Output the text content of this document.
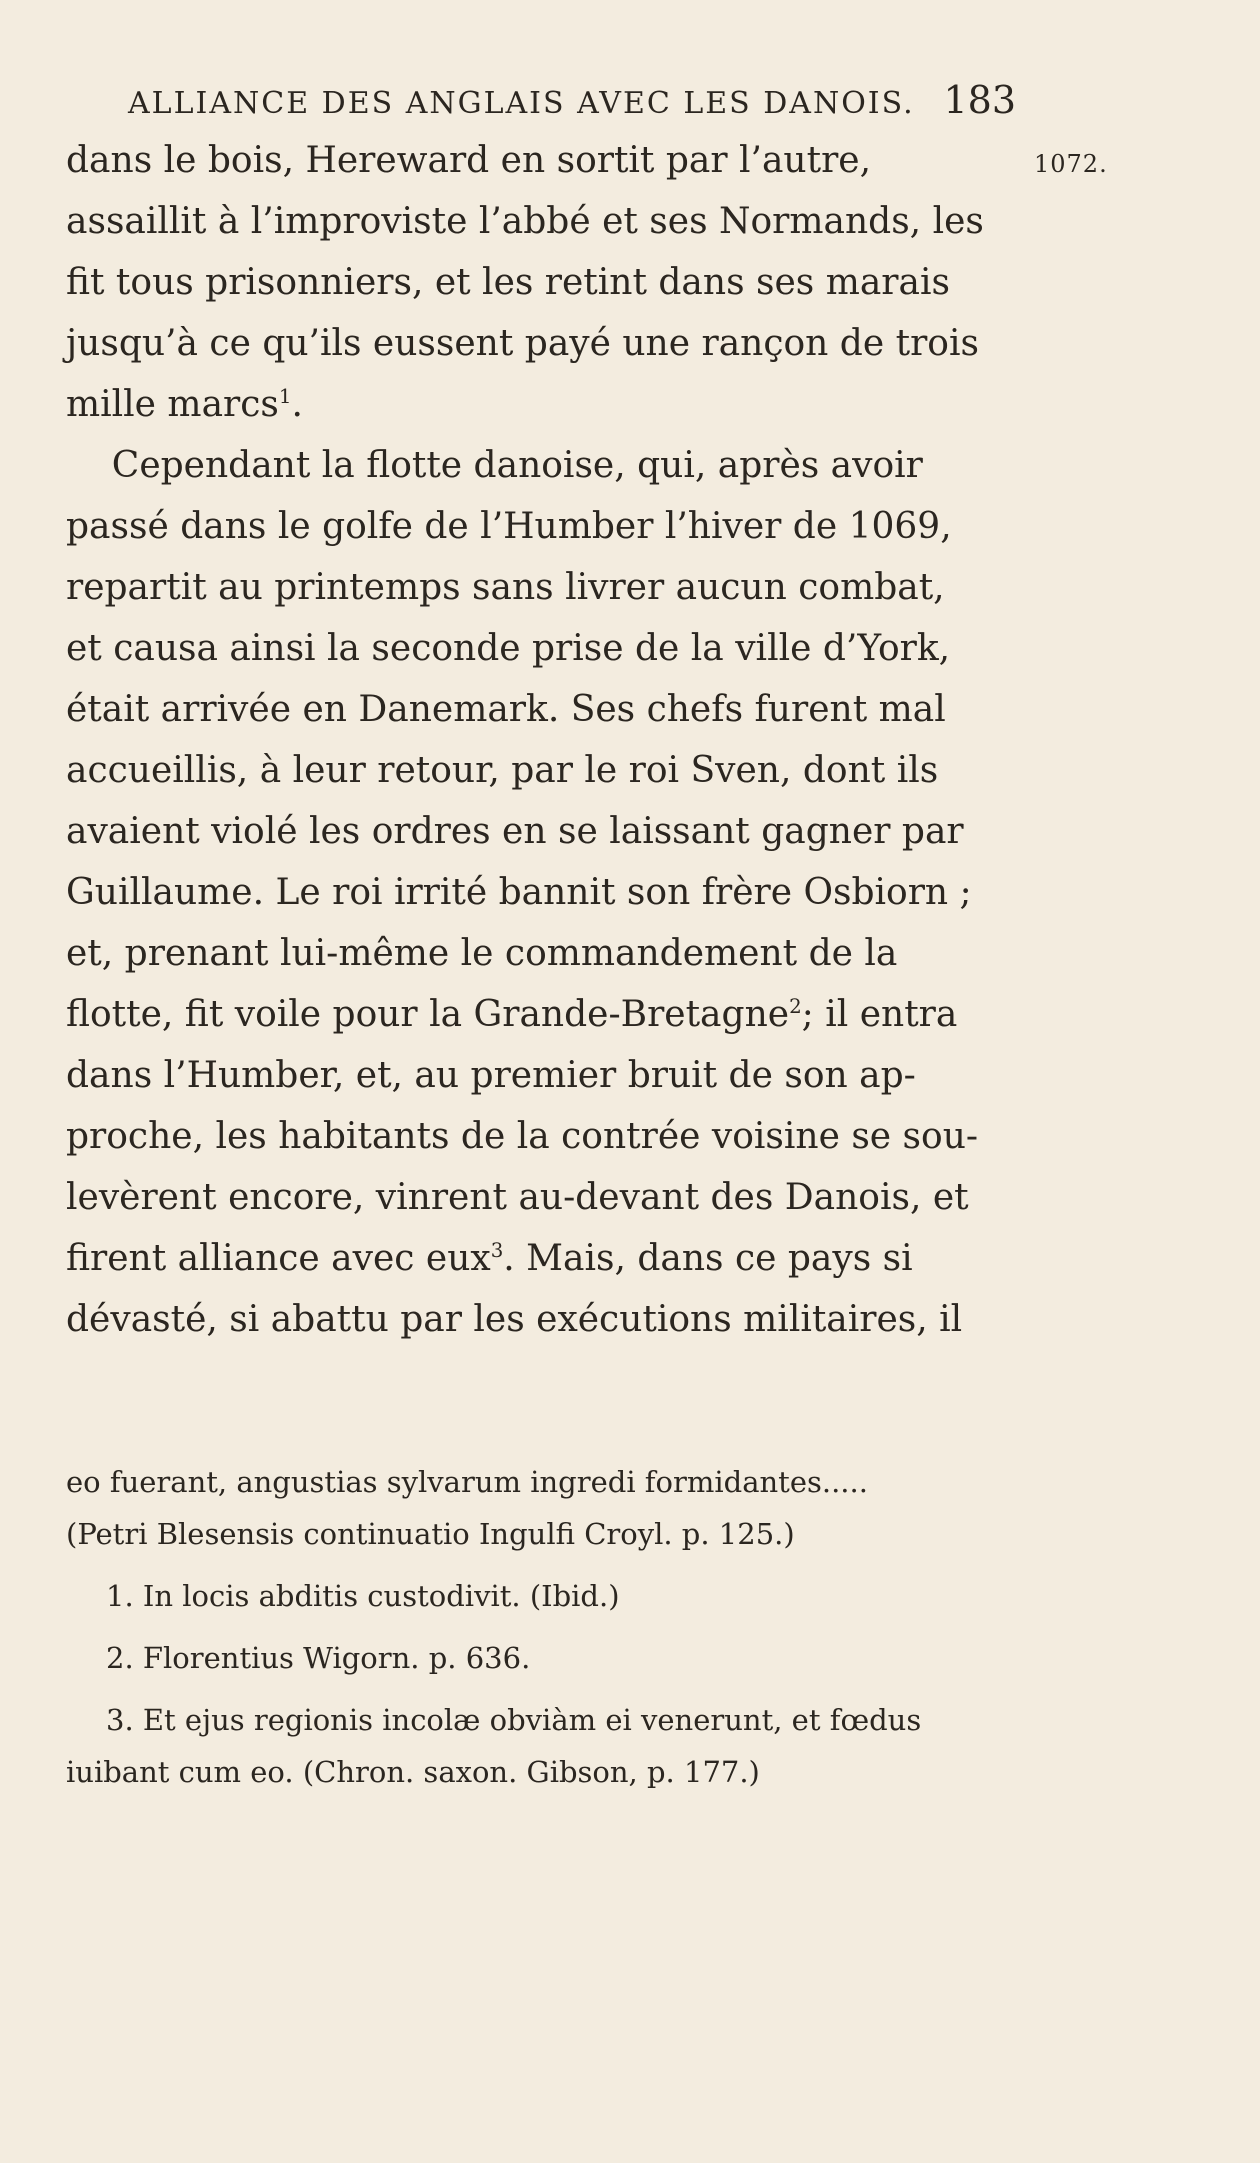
ALLIANCE DES ANGLAIS AVEC LES DANOIS. 183
1072.
dans le bois, Hereward en sortit par l’autre,
assaillit à l’improviste l’abbé et ses Normands, les
fit tous prisonniers, et les retint dans ses marais
jusqu’à ce qu’ils eussent payé une rançon de trois
mille marcs$^1$.
Cependant la flotte danoise, qui, après avoir
passé dans le golfe de l’Humber l’hiver de 1069,
repartit au printemps sans livrer aucun combat,
et causa ainsi la seconde prise de la ville d’York,
était arrivée en Danemark. Ses chefs furent mal
accueillis, à leur retour, par le roi Sven, dont ils
avaient violé les ordres en se laissant gagner par
Guillaume. Le roi irrité bannit son frère Osbiorn ;
et, prenant lui-même le commandement de la
flotte, fit voile pour la Grande-Bretagne$^2$; il entra
dans l’Humber, et, au premier bruit de son ap-
proche, les habitants de la contrée voisine se sou-
levèrent encore, vinrent au-devant des Danois, et
firent alliance avec eux$^3$. Mais, dans ce pays si
dévasté, si abattu par les exécutions militaires, il
eo fuerant, angustias sylvarum ingredi formidantes.....
(Petri Blesensis continuatio Ingulfi Croyl. p. 125.)
1. In locis abditis custodivit. (Ibid.)
2. Florentius Wigorn. p. 636.
3. Et ejus regionis incolæ obviàm ei venerunt, et fœdus
iuibant cum eo. (Chron. saxon. Gibson, p. 177.)
